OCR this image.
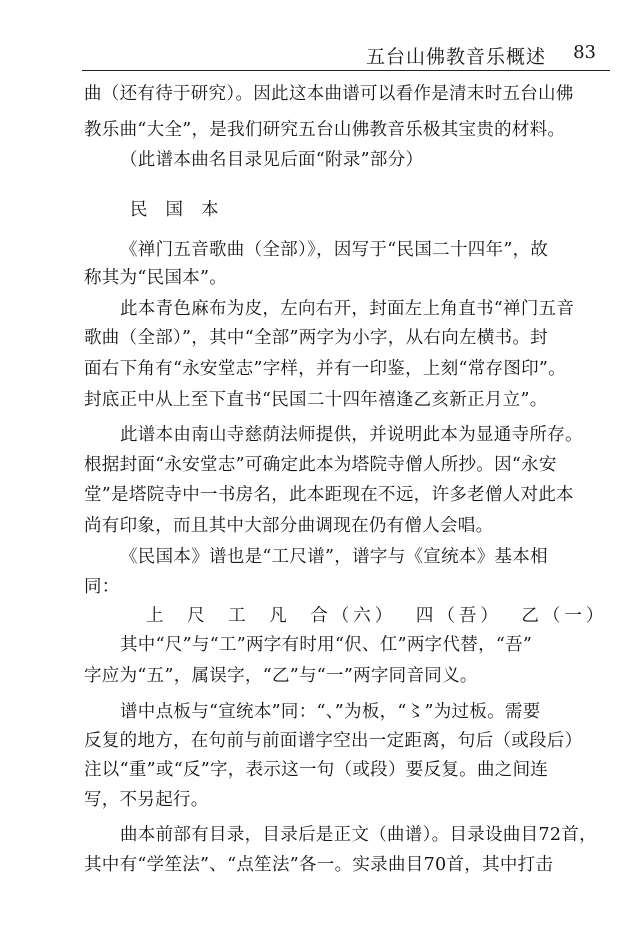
五台山佛教音乐概述 83
曲（还有待于研究）。因此这本曲谱可以看作是清末时五台山佛
教乐曲“大全”，是我们研究五台山佛教音乐极其宝贵的材料。
（此谱本曲名目录见后面“附录”部分）
民国本
《禅门五音歌曲（全部）》，因写于“民国二十四年”，故
称其为“民国本”。
此本青色麻布为皮，左向右开，封面左上角直书“禅门五音
歌曲（全部）”，其中“全部”两字为小字，从右向左横书。封
面右下角有“永安堂志”字样，并有一印鉴，上刻“常存图印”。
封底正中从上至下直书“民国二十四年禧逢乙亥新正月立”。
此谱本由南山寺慈荫法师提供，并说明此本为显通寺所存。
根据封面“永安堂志”可确定此本为塔院寺僧人所抄。因“永安
堂”是塔院寺中一书房名，此本距现在不远，许多老僧人对此本
尚有印象，而且其中大部分曲调现在仍有僧人会唱。
《民国本》谱也是“工尺谱”，谱字与《宣统本》基本相
同：
上 尺 工 凡 合（六） 四（吾） 乙（一）
其中“尺”与“工”两字有时用“伬、仜”两字代替，“吾”
字应为“五”，属误字，“乙”与“一”两字同音同义。
谱中点板与“宣统本”同：“、”为板，“〻”为过板。需要
反复的地方，在句前与前面谱字空出一定距离，句后（或段后）
注以“重”或“反”字，表示这一句（或段）要反复。曲之间连
写，不另起行。
曲本前部有目录，目录后是正文（曲谱）。目录设曲目72首，
其中有“学笙法”、“点笙法”各一。实录曲目70首，其中打击
